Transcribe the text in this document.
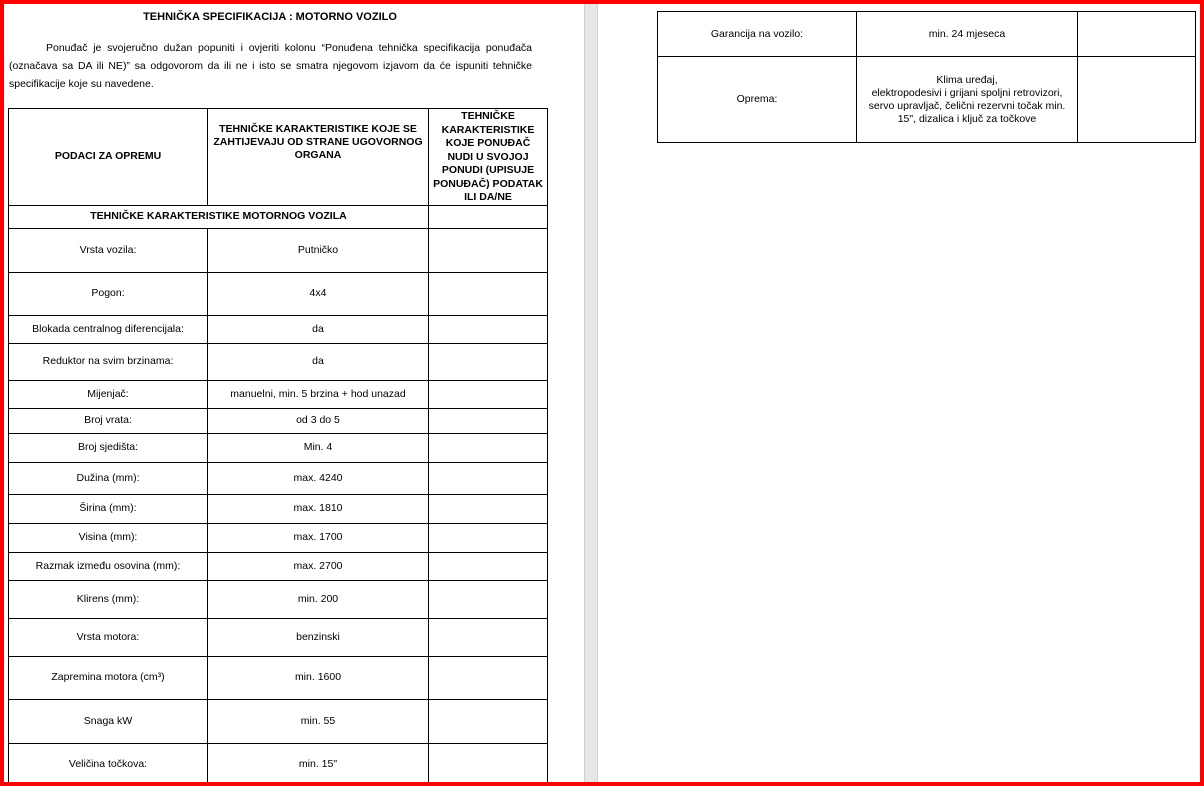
TEHNIČKA SPECIFIKACIJA : MOTORNO VOZILO

Ponuđač je svojeručno dužan popuniti i ovjeriti kolonu “Ponuđena tehnička specifikacija ponuđača (označava sa DA ili NE)” sa odgovorom da ili ne i isto se smatra njegovom izjavom da će ispuniti tehničke specifikacije koje su navedene.

PODACI ZA OPREMU	TEHNIČKE KARAKTERISTIKE KOJE SE ZAHTIJEVAJU OD STRANE UGOVORNOG ORGANA	TEHNIČKE KARAKTERISTIKE KOJE PONUĐAČ NUDI U SVOJOJ PONUDI (UPISUJE PONUĐAČ) PODATAK ILI DA/NE
TEHNIČKE KARAKTERISTIKE MOTORNOG VOZILA		
Vrsta vozila:	Putničko	
Pogon:	4x4	
Blokada centralnog diferencijala:	da	
Reduktor na svim brzinama:	da	
Mijenjač:	manuelni, min. 5 brzina + hod unazad	
Broj vrata:	od 3 do 5	
Broj sjedišta:	Min. 4	
Dužina (mm):	max. 4240	
Širina (mm):	max. 1810	
Visina (mm):	max. 1700	
Razmak između osovina (mm):	max. 2700	
Klirens (mm):	min. 200	
Vrsta motora:	benzinski	
Zapremina motora (cm³)	min. 1600	
Snaga kW	min. 55	
Veličina točkova:	min. 15"	
Garancija na vozilo:	min. 24 mjeseca	
Oprema:	Klima uređaj,
elektropodesivi i grijani spoljni retrovizori,
servo upravljač, čelični rezervni točak min.
15", dizalica i ključ za točkove	
